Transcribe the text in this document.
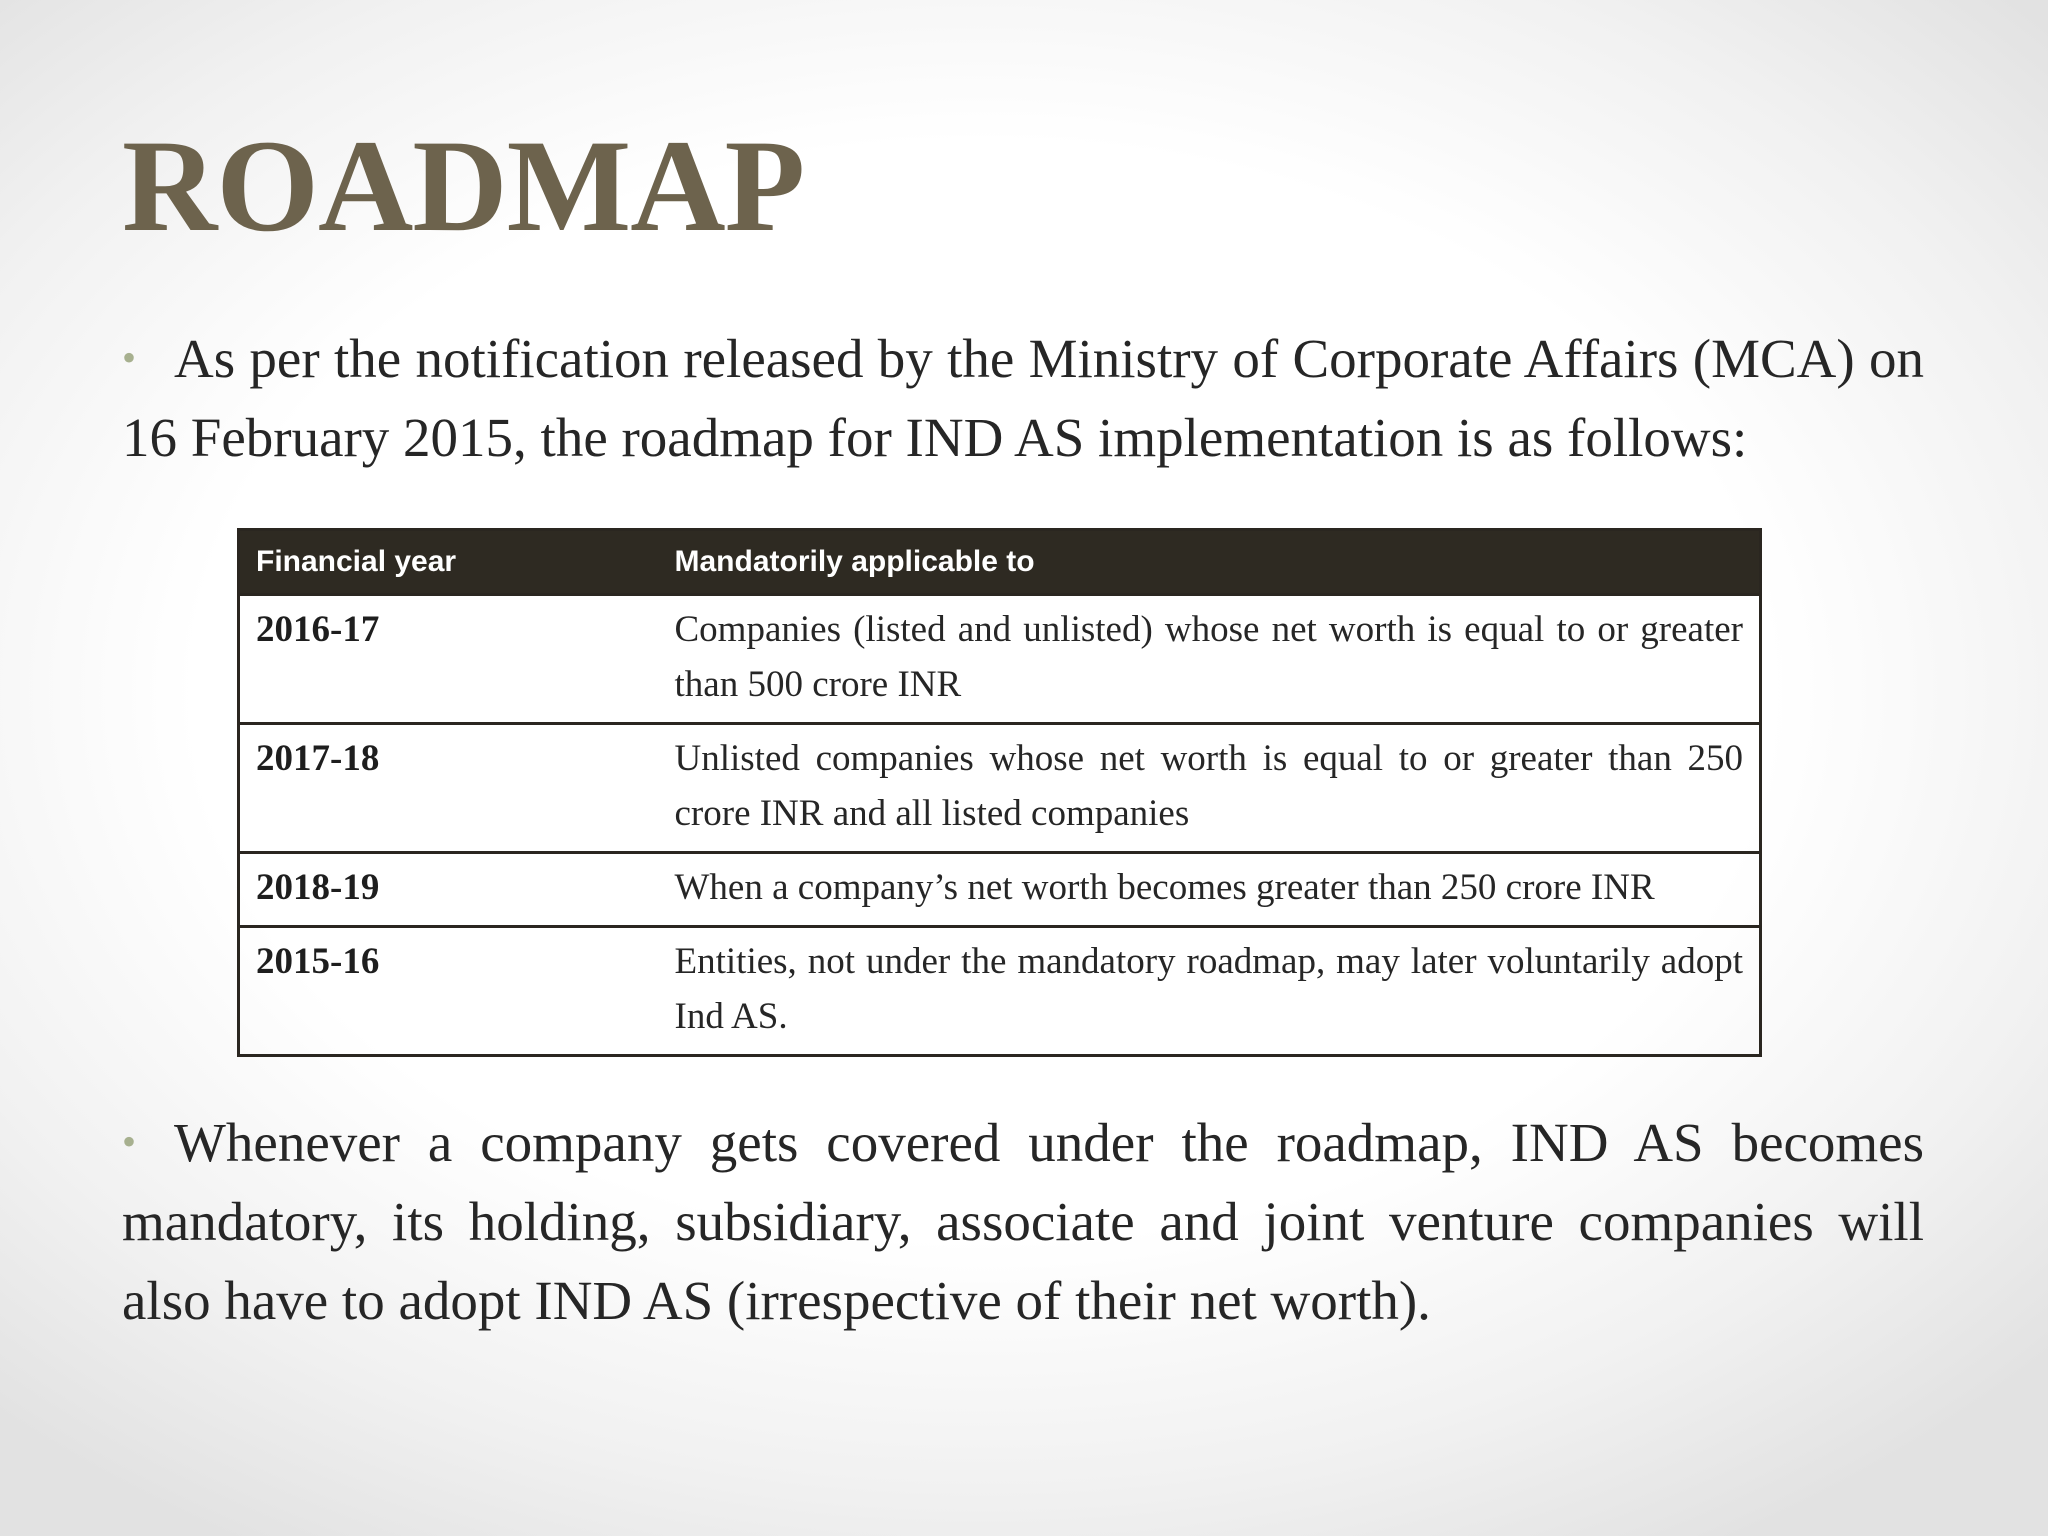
ROADMAP

• As per the notification released by the Ministry of Corporate Affairs (MCA) on 16 February 2015, the roadmap for IND AS implementation is as follows:

Financial year	Mandatorily applicable to
2016-17	Companies (listed and unlisted) whose net worth is equal to or greater than 500 crore INR
2017-18	Unlisted companies whose net worth is equal to or greater than 250 crore INR and all listed companies
2018-19	When a company’s net worth becomes greater than 250 crore INR
2015-16	Entities, not under the mandatory roadmap, may later voluntarily adopt Ind AS.

• Whenever a company gets covered under the roadmap, IND AS becomes mandatory, its holding, subsidiary, associate and joint venture companies will also have to adopt IND AS (irrespective of their net worth).
